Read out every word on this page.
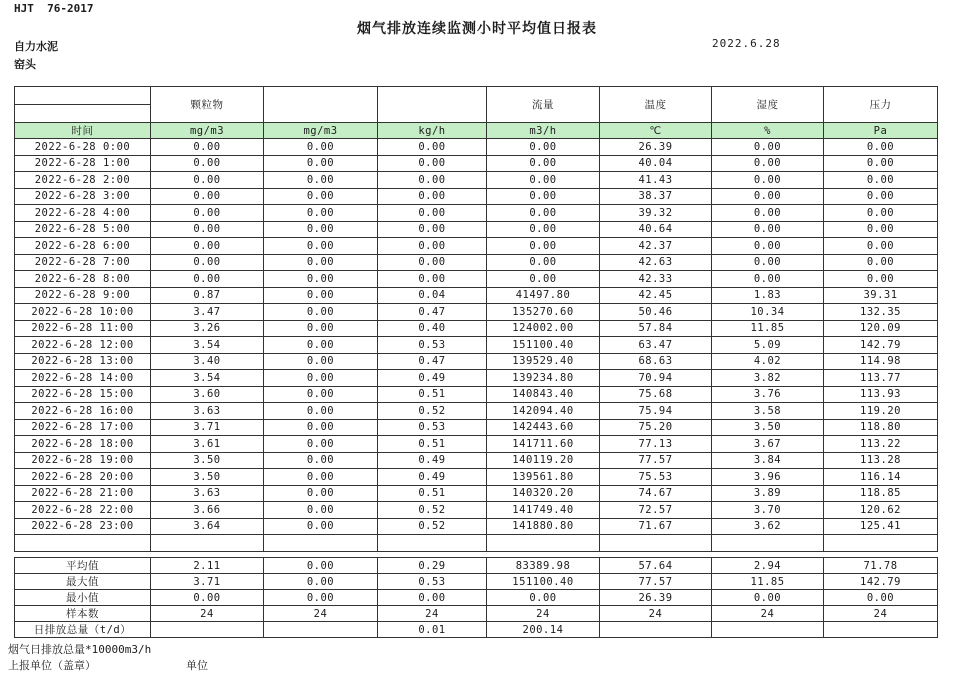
HJT  76-2017
烟气排放连续监测小时平均值日报表
2022.6.28
自力水泥
窑头
	颗粒物			流量	温度	湿度	压力

时间	mg/m3	mg/m3	kg/h	m3/h	℃	%	Pa
2022-6-28 0:00	0.00	0.00	0.00	0.00	26.39	0.00	0.00
2022-6-28 1:00	0.00	0.00	0.00	0.00	40.04	0.00	0.00
2022-6-28 2:00	0.00	0.00	0.00	0.00	41.43	0.00	0.00
2022-6-28 3:00	0.00	0.00	0.00	0.00	38.37	0.00	0.00
2022-6-28 4:00	0.00	0.00	0.00	0.00	39.32	0.00	0.00
2022-6-28 5:00	0.00	0.00	0.00	0.00	40.64	0.00	0.00
2022-6-28 6:00	0.00	0.00	0.00	0.00	42.37	0.00	0.00
2022-6-28 7:00	0.00	0.00	0.00	0.00	42.63	0.00	0.00
2022-6-28 8:00	0.00	0.00	0.00	0.00	42.33	0.00	0.00
2022-6-28 9:00	0.87	0.00	0.04	41497.80	42.45	1.83	39.31
2022-6-28 10:00	3.47	0.00	0.47	135270.60	50.46	10.34	132.35
2022-6-28 11:00	3.26	0.00	0.40	124002.00	57.84	11.85	120.09
2022-6-28 12:00	3.54	0.00	0.53	151100.40	63.47	5.09	142.79
2022-6-28 13:00	3.40	0.00	0.47	139529.40	68.63	4.02	114.98
2022-6-28 14:00	3.54	0.00	0.49	139234.80	70.94	3.82	113.77
2022-6-28 15:00	3.60	0.00	0.51	140843.40	75.68	3.76	113.93
2022-6-28 16:00	3.63	0.00	0.52	142094.40	75.94	3.58	119.20
2022-6-28 17:00	3.71	0.00	0.53	142443.60	75.20	3.50	118.80
2022-6-28 18:00	3.61	0.00	0.51	141711.60	77.13	3.67	113.22
2022-6-28 19:00	3.50	0.00	0.49	140119.20	77.57	3.84	113.28
2022-6-28 20:00	3.50	0.00	0.49	139561.80	75.53	3.96	116.14
2022-6-28 21:00	3.63	0.00	0.51	140320.20	74.67	3.89	118.85
2022-6-28 22:00	3.66	0.00	0.52	141749.40	72.57	3.70	120.62
2022-6-28 23:00	3.64	0.00	0.52	141880.80	71.67	3.62	125.41

平均值	2.11	0.00	0.29	83389.98	57.64	2.94	71.78
最大值	3.71	0.00	0.53	151100.40	77.57	11.85	142.79
最小值	0.00	0.00	0.00	0.00	26.39	0.00	0.00
样本数	24	24	24	24	24	24	24
日排放总量（t/d）			0.01	200.14			
烟气日排放总量*10000m3/h
上报单位（盖章）	单位
